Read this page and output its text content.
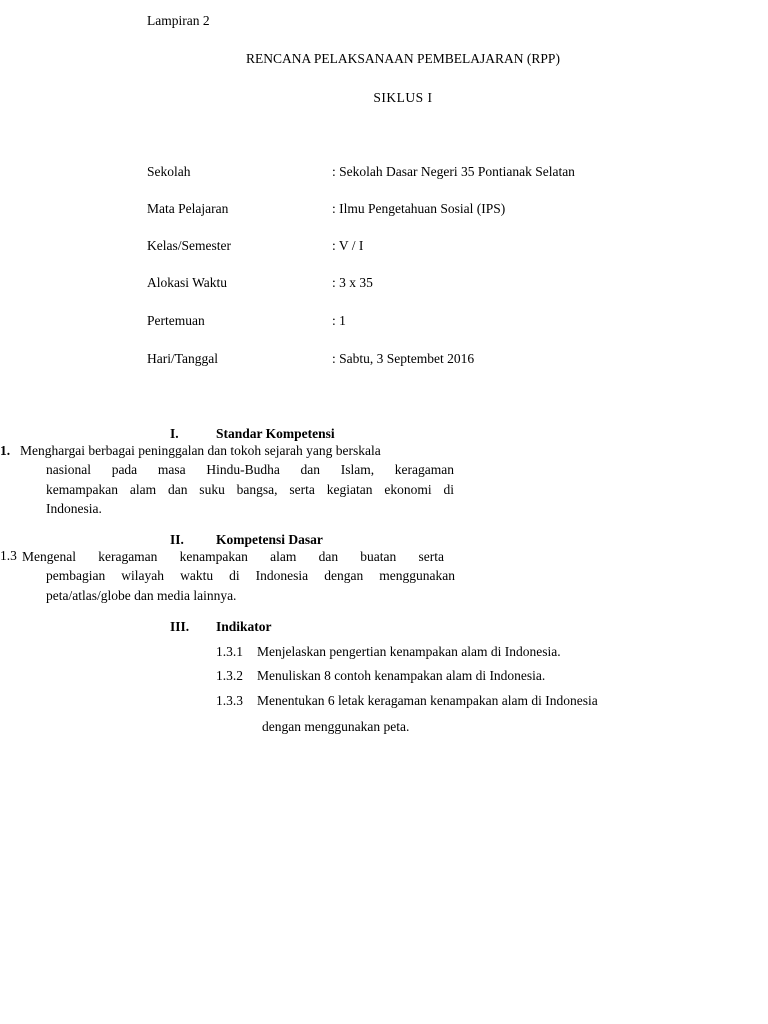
Lampiran 2
RENCANA PELAKSANAAN PEMBELAJARAN (RPP)
SIKLUS I
Sekolah	: Sekolah Dasar Negeri 35 Pontianak Selatan
Mata Pelajaran	: Ilmu Pengetahuan Sosial (IPS)
Kelas/Semester	: V / I
Alokasi Waktu	: 3 x 35
Pertemuan	: 1
Hari/Tanggal	: Sabtu, 3 Septembet 2016
I.	Standar Kompetensi
1. Menghargai berbagai peninggalan dan tokoh sejarah yang berskala
nasional pada masa Hindu-Budha dan Islam, keragaman
kemampakan alam dan suku bangsa, serta kegiatan ekonomi di
Indonesia.
II. Kompetensi Dasar
1.3 Mengenal keragaman kenampakan alam dan buatan serta
pembagian wilayah waktu di Indonesia dengan menggunakan
peta/atlas/globe dan media lainnya.
III. Indikator
1.3.1 Menjelaskan pengertian kenampakan alam di Indonesia.
1.3.2 Menuliskan 8 contoh kenampakan alam di Indonesia.
1.3.3 Menentukan 6 letak keragaman kenampakan alam di Indonesia
dengan menggunakan peta.
